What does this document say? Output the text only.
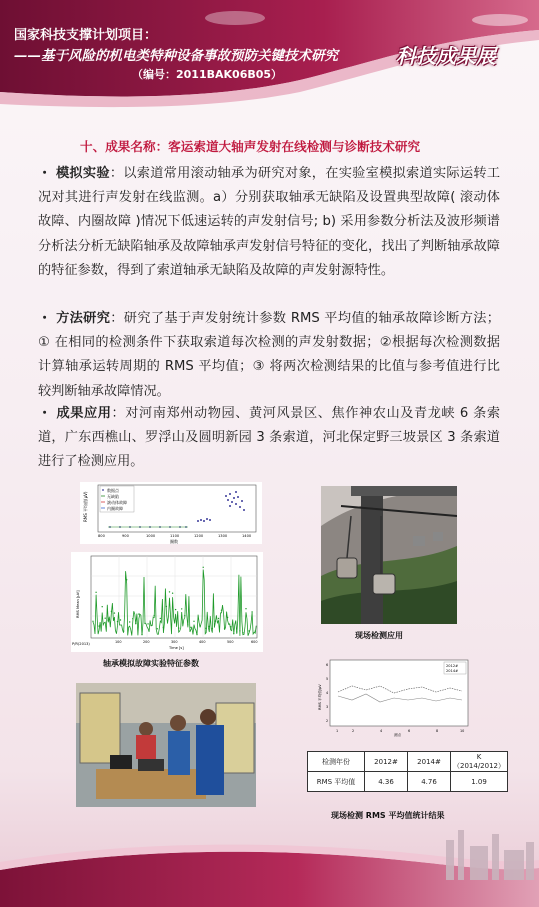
国家科技支撑计划项目：
——基于风险的机电类特种设备事故预防关键技术研究
（编号：2011BAK06B05）
科技成果展
十、成果名称：客运索道大轴声发射在线检测与诊断技术研究
・ 模拟实验：以索道常用滚动轴承为研究对象，在实验室模拟索道实际运转工况对其进行声发射在线监测。a）分别获取轴承无缺陷及设置典型故障( 滚动体故障、内圈故障 )情况下低速运转的声发射信号; b) 采用参数分析法及波形频谱分析法分析无缺陷轴承及故障轴承声发射信号特征的变化，找出了判断轴承故障的特征参数，得到了索道轴承无缺陷及故障的声发射源特性。
・ 方法研究：研究了基于声发射统计参数 RMS 平均值的轴承故障诊断方法；① 在相同的检测条件下获取索道每次检测的声发射数据；②根据每次检测数据计算轴承运转周期的 RMS 平均值；③ 将两次检测结果的比值与参考值进行比较判断轴承故障情况。
・ 成果应用：对河南郑州动物园、黄河风景区、焦作神农山及青龙峡 6 条索道，广东西樵山、罗浮山及圆明新园 3 条索道，河北保定野三坡景区 3 条索道进行了检测应用。
数据点
无缺陷
滚动体故障
内圈故障
RMS 平均值(μV)
圈数
800	900	1000	1100	1200	1300	1400
RMS Mean [μV]
Time [s]
P/R(2013)	100	200	300	400	500	600
轴承模拟故障实验特征参数
现场检测应用
2012#
2014#
RMS 平均值/μV
6
5
4
3
2
1	2	4	6	8	10
测点
检测年份	2012#	2014#	K（2014/2012）
RMS 平均值	4.36	4.76	1.09
现场检测 RMS 平均值统计结果
